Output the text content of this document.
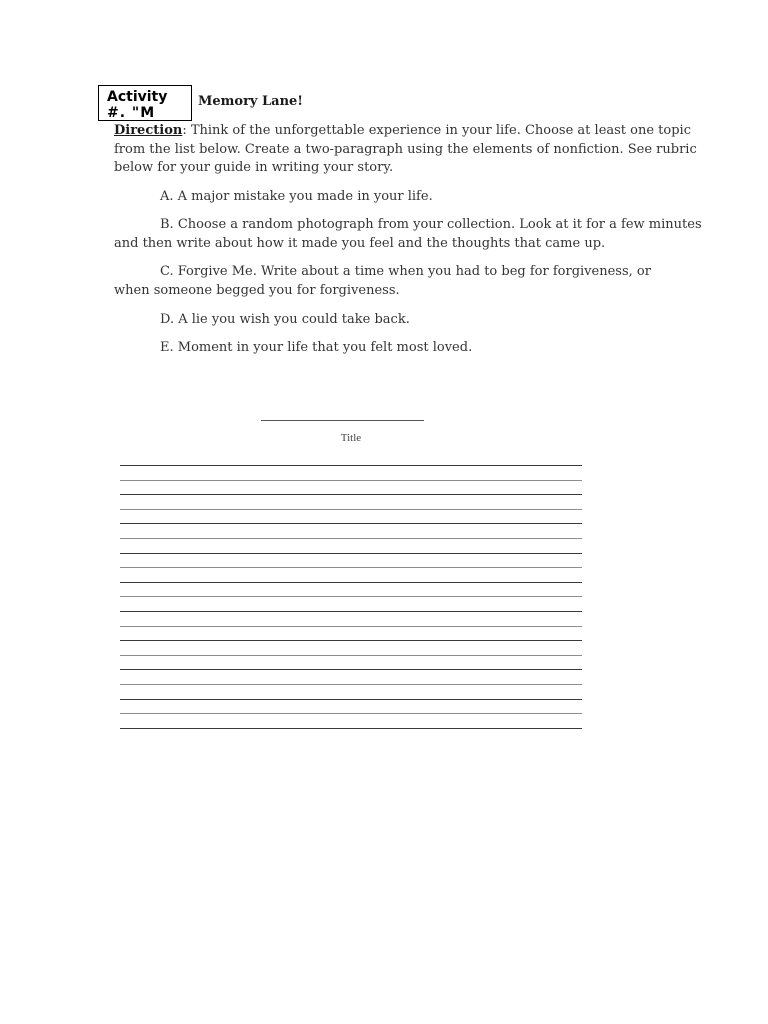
Activity
#. "M
Memory Lane!
Direction: Think of the unforgettable experience in your life. Choose at least one topic from the list below. Create a two-paragraph using the elements of nonfiction. See rubric below for your guide in writing your story.
A. A major mistake you made in your life.
B. Choose a random photograph from your collection. Look at it for a few minutes and then write about how it made you feel and the thoughts that came up.
C. Forgive Me. Write about a time when you had to beg for forgiveness, or when someone begged you for forgiveness.
D. A lie you wish you could take back.
E. Moment in your life that you felt most loved.
Title
